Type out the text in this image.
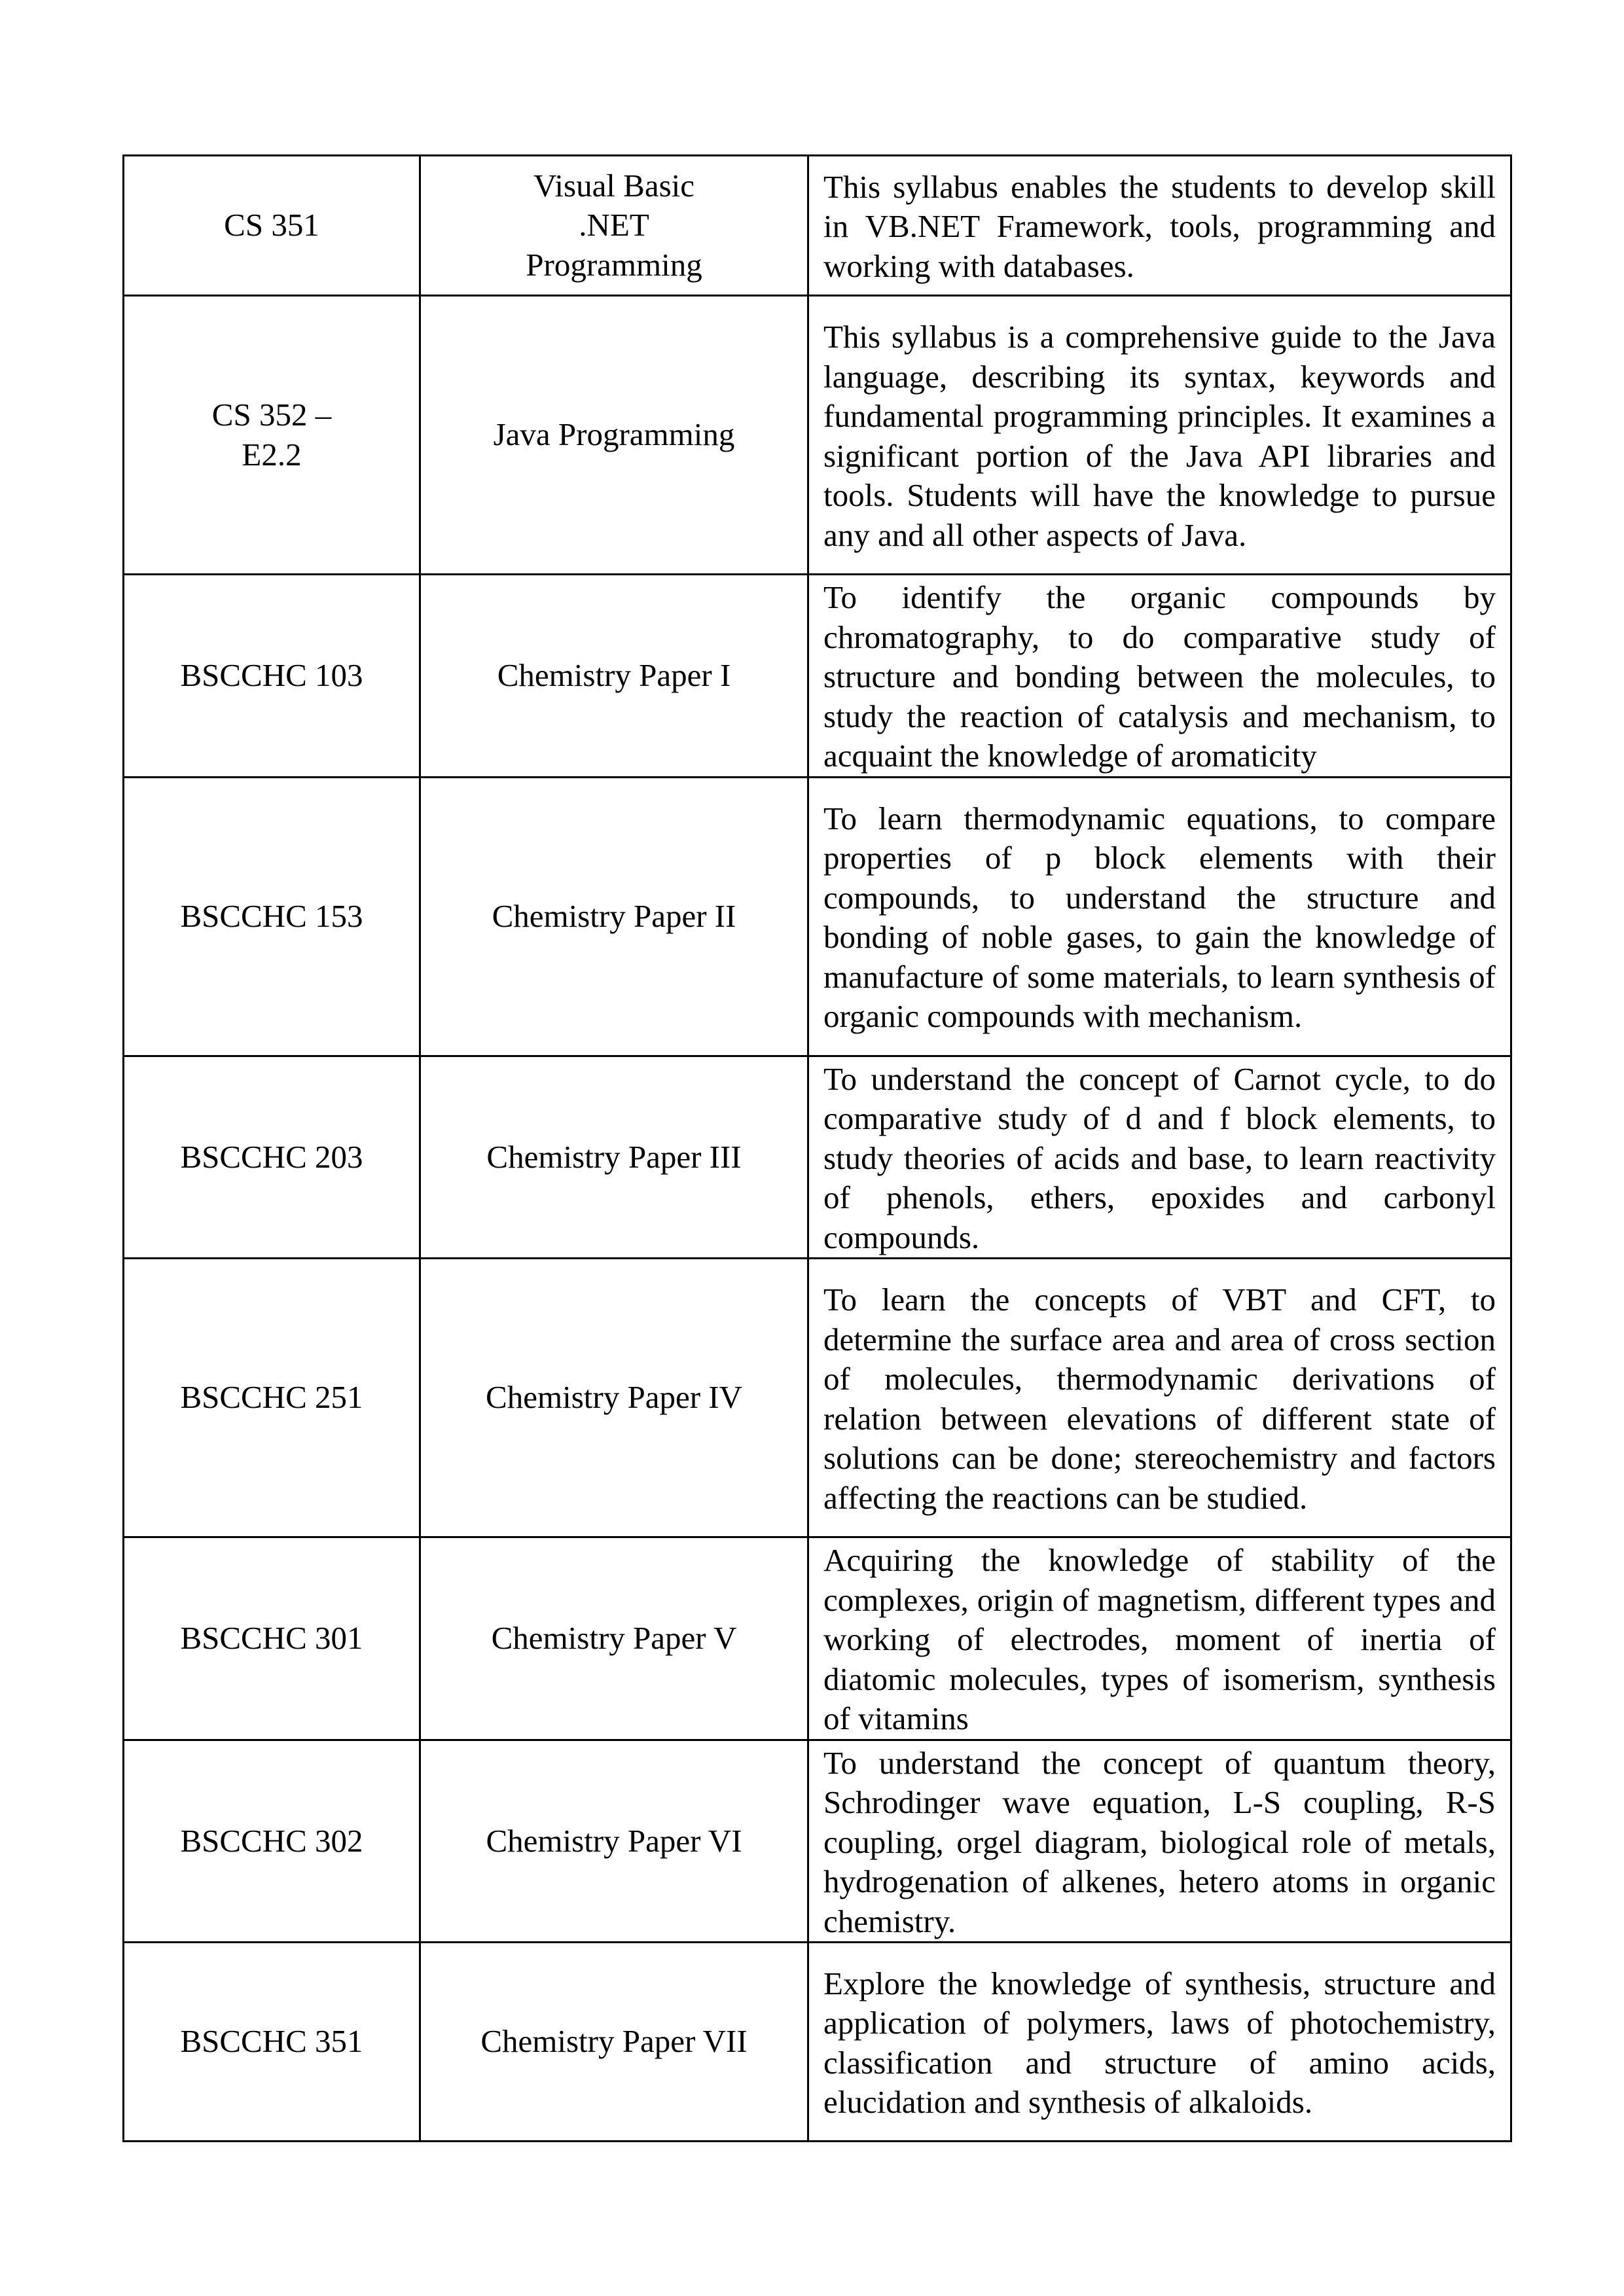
CS 351	Visual Basic
.NET
Programming	This syllabus enables the students to develop skill in VB.NET Framework, tools, programming and working with databases.

CS 352 –
E2.2	Java Programming	This syllabus is a comprehensive guide to the Java language, describing its syntax, keywords and fundamental programming principles. It examines a significant portion of the Java API libraries and tools. Students will have the knowledge to pursue any and all other aspects of Java.

BSCCHC 103	Chemistry Paper I	To identify the organic compounds by chromatography, to do comparative study of structure and bonding between the molecules, to study the reaction of catalysis and mechanism, to acquaint the knowledge of aromaticity

BSCCHC 153	Chemistry Paper II	To learn thermodynamic equations, to compare properties of p block elements with their compounds, to understand the structure and bonding of noble gases, to gain the knowledge of manufacture of some materials, to learn synthesis of organic compounds with mechanism.

BSCCHC 203	Chemistry Paper III	To understand the concept of Carnot cycle, to do comparative study of d and f block elements, to study theories of acids and base, to learn reactivity of phenols, ethers, epoxides and carbonyl compounds.

BSCCHC 251	Chemistry Paper IV	To learn the concepts of VBT and CFT, to determine the surface area and area of cross section of molecules, thermodynamic derivations of relation between elevations of different state of solutions can be done; stereochemistry and factors affecting the reactions can be studied.

BSCCHC 301	Chemistry Paper V	Acquiring the knowledge of stability of the complexes, origin of magnetism, different types and working of electrodes, moment of inertia of diatomic molecules, types of isomerism, synthesis of vitamins

BSCCHC 302	Chemistry Paper VI	To understand the concept of quantum theory, Schrodinger wave equation, L-S coupling, R-S coupling, orgel diagram, biological role of metals, hydrogenation of alkenes, hetero atoms in organic chemistry.

BSCCHC 351	Chemistry Paper VII	Explore the knowledge of synthesis, structure and application of polymers, laws of photochemistry, classification and structure of amino acids, elucidation and synthesis of alkaloids.
